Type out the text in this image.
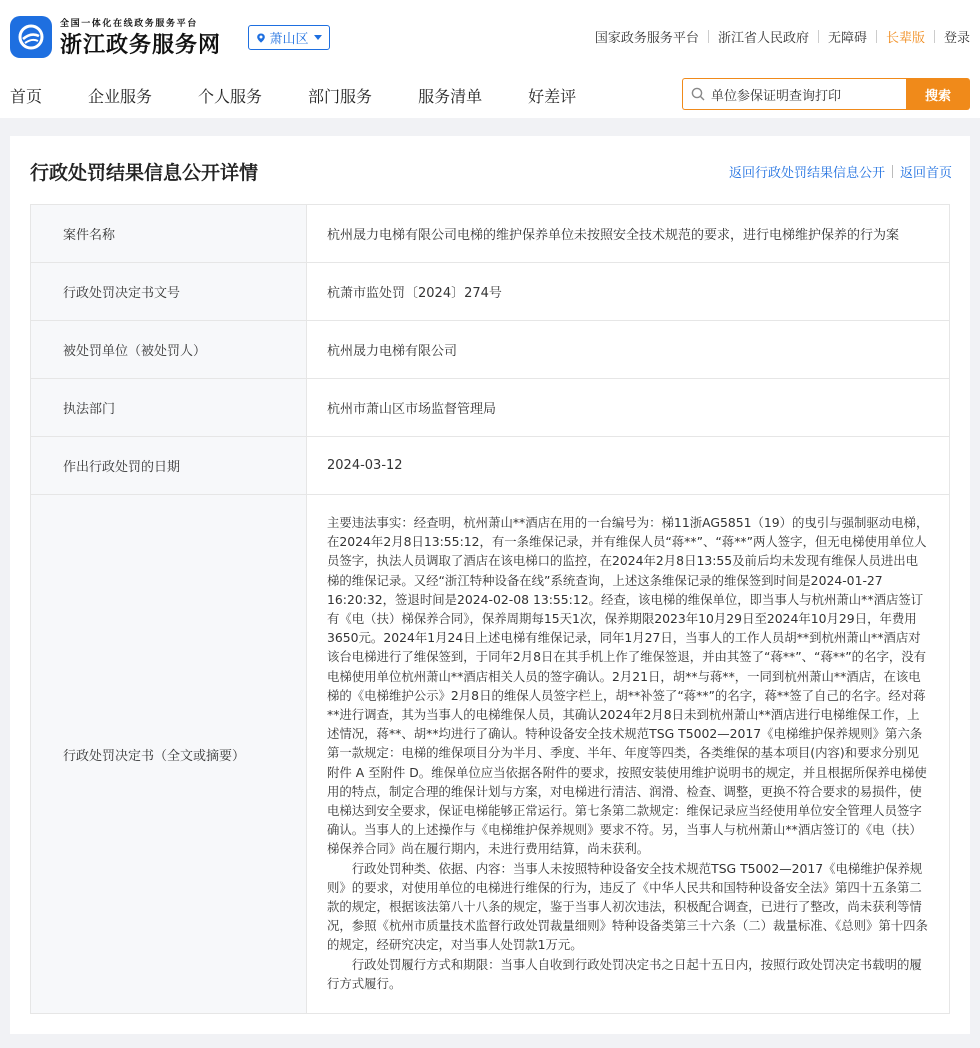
全国一体化在线政务服务平台
浙江政务服务网	萧山区	国家政务服务平台 浙江省人民政府 无障碍 长辈版 登录
首页	企业服务	个人服务	部门服务	服务清单	好差评
单位参保证明查询打印	搜索
行政处罚结果信息公开详情	返回行政处罚结果信息公开 返回首页
案件名称	杭州晟力电梯有限公司电梯的维护保养单位未按照安全技术规范的要求，进行电梯维护保养的行为案
行政处罚决定书文号	杭萧市监处罚〔2024〕274号
被处罚单位（被处罚人）	杭州晟力电梯有限公司
执法部门	杭州市萧山区市场监督管理局
作出行政处罚的日期	2024-03-12
行政处罚决定书（全文或摘要）	主要违法事实：经查明，杭州萧山**酒店在用的一台编号为：梯11浙AG5851（19）的曳引与强制驱动电梯，在2024年2月8日13:55:12，有一条维保记录，并有维保人员“蒋**”、“蒋**”两人签字，但无电梯使用单位人员签字，执法人员调取了酒店在该电梯口的监控，在2024年2月8日13:55及前后均未发现有维保人员进出电梯的维保记录。又经“浙江特种设备在线”系统查询，上述这条维保记录的维保签到时间是2024-01-27 16:20:32，签退时间是2024-02-08 13:55:12。经查，该电梯的维保单位，即当事人与杭州萧山**酒店签订有《电（扶）梯保养合同》，保养周期每15天1次，保养期限2023年10月29日至2024年10月29日，年费用3650元。2024年1月24日上述电梯有维保记录，同年1月27日，当事人的工作人员胡**到杭州萧山**酒店对该台电梯进行了维保签到，于同年2月8日在其手机上作了维保签退，并由其签了“蒋**”、“蒋**”的名字，没有电梯使用单位杭州萧山**酒店相关人员的签字确认。2月21日，胡**与蒋**，一同到杭州萧山**酒店，在该电梯的《电梯维护公示》2月8日的维保人员签字栏上，胡**补签了“蒋**”的名字，蒋**签了自己的名字。经对蒋**进行调查，其为当事人的电梯维保人员，其确认2024年2月8日未到杭州萧山**酒店进行电梯维保工作，上述情况，蒋**、胡**均进行了确认。特种设备安全技术规范TSG T5002—2017《电梯维护保养规则》第六条第一款规定：电梯的维保项目分为半月、季度、半年、年度等四类，各类维保的基本项目(内容)和要求分别见附件 A 至附件 D。维保单位应当依据各附件的要求，按照安装使用维护说明书的规定，并且根据所保养电梯使用的特点，制定合理的维保计划与方案，对电梯进行清洁、润滑、检查、调整，更换不符合要求的易损件，使电梯达到安全要求，保证电梯能够正常运行。第七条第二款规定：维保记录应当经使用单位安全管理人员签字确认。当事人的上述操作与《电梯维护保养规则》要求不符。另，当事人与杭州萧山**酒店签订的《电（扶）梯保养合同》尚在履行期内，未进行费用结算，尚未获利。

行政处罚种类、依据、内容：当事人未按照特种设备安全技术规范TSG T5002—2017《电梯维护保养规则》的要求，对使用单位的电梯进行维保的行为，违反了《中华人民共和国特种设备安全法》第四十五条第二款的规定，根据该法第八十八条的规定，鉴于当事人初次违法，积极配合调查，已进行了整改，尚未获利等情况，参照《杭州市质量技术监督行政处罚裁量细则》特种设备类第三十六条（二）裁量标准、《总则》第十四条的规定，经研究决定，对当事人处罚款1万元。

行政处罚履行方式和期限：当事人自收到行政处罚决定书之日起十五日内，按照行政处罚决定书载明的履行方式履行。
